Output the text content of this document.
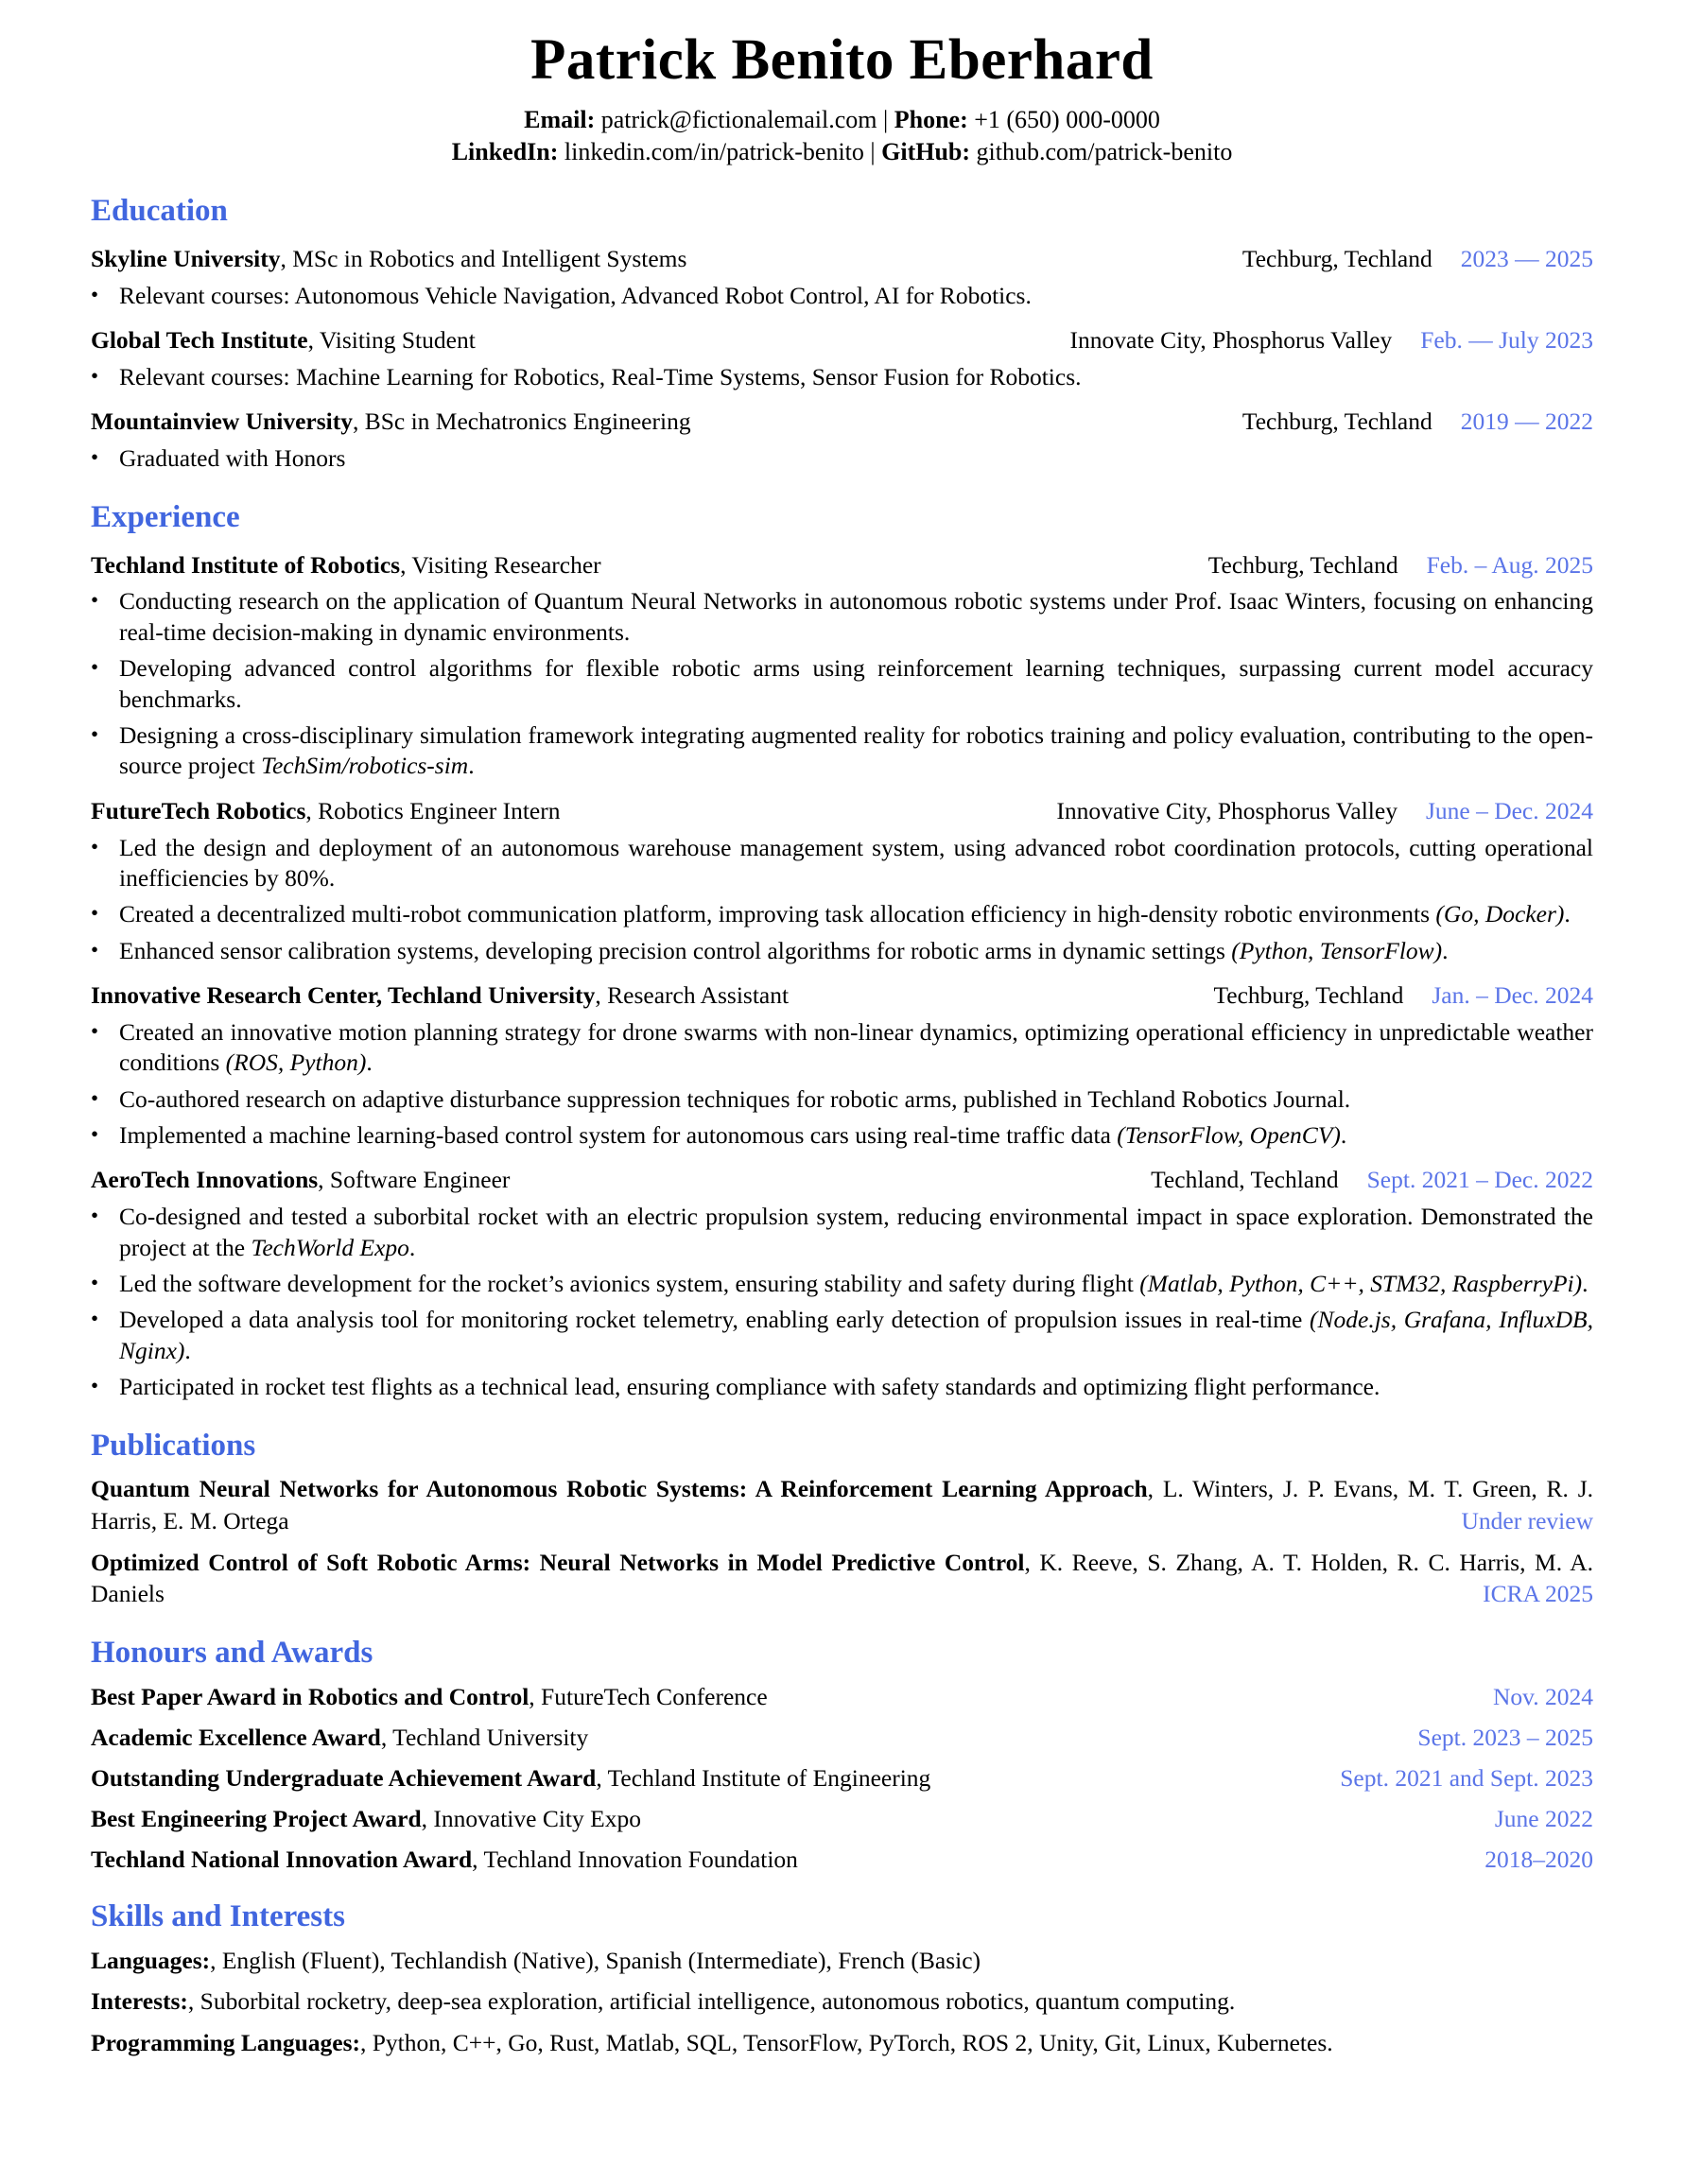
Patrick Benito Eberhard
Email: patrick@fictionalemail.com | Phone: +1 (650) 000-0000
LinkedIn: linkedin.com/in/patrick-benito | GitHub: github.com/patrick-benito
Education
Skyline University, MSc in Robotics and Intelligent Systems	Techburg, Techland 2023 — 2025
• Relevant courses: Autonomous Vehicle Navigation, Advanced Robot Control, AI for Robotics.
Global Tech Institute, Visiting Student	Innovate City, Phosphorus Valley Feb. — July 2023
• Relevant courses: Machine Learning for Robotics, Real-Time Systems, Sensor Fusion for Robotics.
Mountainview University, BSc in Mechatronics Engineering	Techburg, Techland 2019 — 2022
• Graduated with Honors
Experience
Techland Institute of Robotics, Visiting Researcher	Techburg, Techland Feb. – Aug. 2025
• Conducting research on the application of Quantum Neural Networks in autonomous robotic systems under Prof. Isaac Winters, focusing on enhancing real-time decision-making in dynamic environments.
• Developing advanced control algorithms for flexible robotic arms using reinforcement learning techniques, surpassing current model accuracy benchmarks.
• Designing a cross-disciplinary simulation framework integrating augmented reality for robotics training and policy evaluation, contributing to the open-source project TechSim/robotics-sim.
FutureTech Robotics, Robotics Engineer Intern	Innovative City, Phosphorus Valley June – Dec. 2024
• Led the design and deployment of an autonomous warehouse management system, using advanced robot coordination protocols, cutting operational inefficiencies by 80%.
• Created a decentralized multi-robot communication platform, improving task allocation efficiency in high-density robotic environments (Go, Docker).
• Enhanced sensor calibration systems, developing precision control algorithms for robotic arms in dynamic settings (Python, TensorFlow).
Innovative Research Center, Techland University, Research Assistant	Techburg, Techland Jan. – Dec. 2024
• Created an innovative motion planning strategy for drone swarms with non-linear dynamics, optimizing operational efficiency in unpredictable weather conditions (ROS, Python).
• Co-authored research on adaptive disturbance suppression techniques for robotic arms, published in Techland Robotics Journal.
• Implemented a machine learning-based control system for autonomous cars using real-time traffic data (TensorFlow, OpenCV).
AeroTech Innovations, Software Engineer	Techland, Techland Sept. 2021 – Dec. 2022
• Co-designed and tested a suborbital rocket with an electric propulsion system, reducing environmental impact in space exploration. Demonstrated the project at the TechWorld Expo.
• Led the software development for the rocket’s avionics system, ensuring stability and safety during flight (Matlab, Python, C++, STM32, RaspberryPi).
• Developed a data analysis tool for monitoring rocket telemetry, enabling early detection of propulsion issues in real-time (Node.js, Grafana, InfluxDB, Nginx).
• Participated in rocket test flights as a technical lead, ensuring compliance with safety standards and optimizing flight performance.
Publications
Quantum Neural Networks for Autonomous Robotic Systems: A Reinforcement Learning Approach, L. Winters, J. P. Evans, M. T. Green, R. J. Harris, E. M. Ortega	Under review
Optimized Control of Soft Robotic Arms: Neural Networks in Model Predictive Control, K. Reeve, S. Zhang, A. T. Holden, R. C. Harris, M. A. Daniels	ICRA 2025
Honours and Awards
Best Paper Award in Robotics and Control, FutureTech Conference	Nov. 2024
Academic Excellence Award, Techland University	Sept. 2023 – 2025
Outstanding Undergraduate Achievement Award, Techland Institute of Engineering	Sept. 2021 and Sept. 2023
Best Engineering Project Award, Innovative City Expo	June 2022
Techland National Innovation Award, Techland Innovation Foundation	2018–2020
Skills and Interests
Languages:, English (Fluent), Techlandish (Native), Spanish (Intermediate), French (Basic)
Interests:, Suborbital rocketry, deep-sea exploration, artificial intelligence, autonomous robotics, quantum computing.
Programming Languages:, Python, C++, Go, Rust, Matlab, SQL, TensorFlow, PyTorch, ROS 2, Unity, Git, Linux, Kubernetes.
